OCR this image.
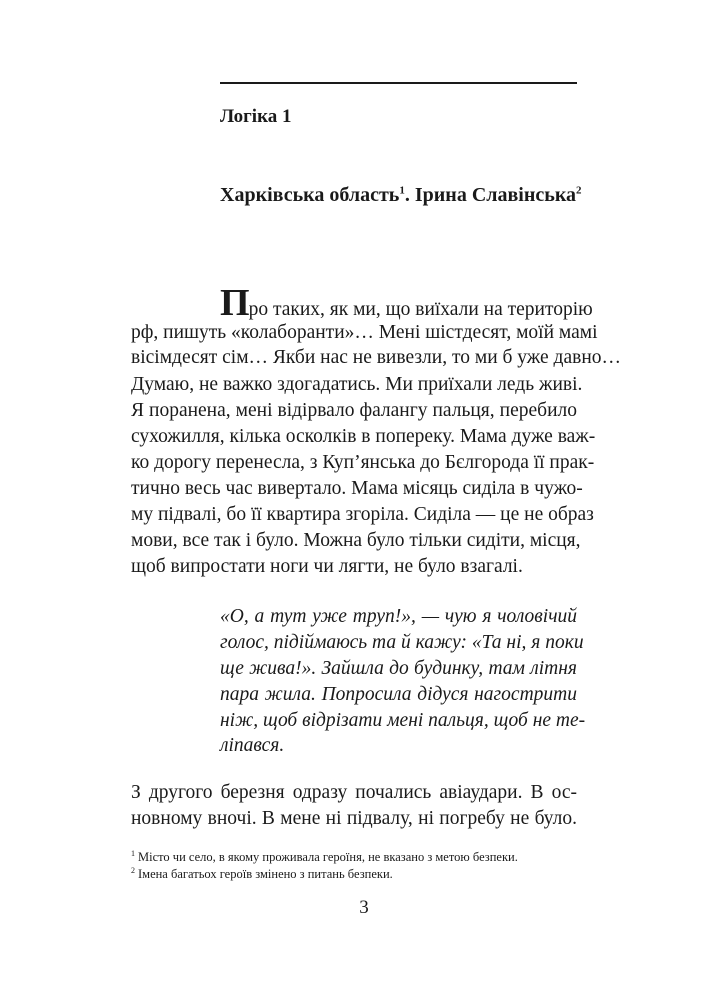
Логіка 1
Харківська область$^1$. Ірина Славінська$^2$
Про таких, як ми, що виїхали на територію
рф, пишуть «колаборанти»… Мені шістдесят, моїй мамі
вісімдесят сім… Якби нас не вивезли, то ми б уже давно…
Думаю, не важко здогадатись. Ми приїхали ледь живі.
Я поранена, мені відірвало фалангу пальця, перебило
сухожилля, кілька осколків в попереку. Мама дуже важ-
ко дорогу перенесла, з Куп’янська до Бєлгорода її прак-
тично весь час вивертало. Мама місяць сиділа в чужо-
му підвалі, бо її квартира згоріла. Сиділа — це не образ
мови, все так і було. Можна було тільки сидіти, місця,
щоб випростати ноги чи лягти, не було взагалі.
«О, а тут уже труп!», — чую я чоловічий
голос, підіймаюсь та й кажу: «Та ні, я поки
ще жива!». Зайшла до будинку, там літня
пара жила. Попросила дідуся нагострити
ніж, щоб відрізати мені пальця, щоб не те-
ліпався.
З другого березня одразу почались авіаудари. В ос-
новному вночі. В мене ні підвалу, ні погребу не було.
$^1$ Місто чи село, в якому проживала героїня, не вказано з метою безпеки.
$^2$ Імена багатьох героїв змінено з питань безпеки.
3
